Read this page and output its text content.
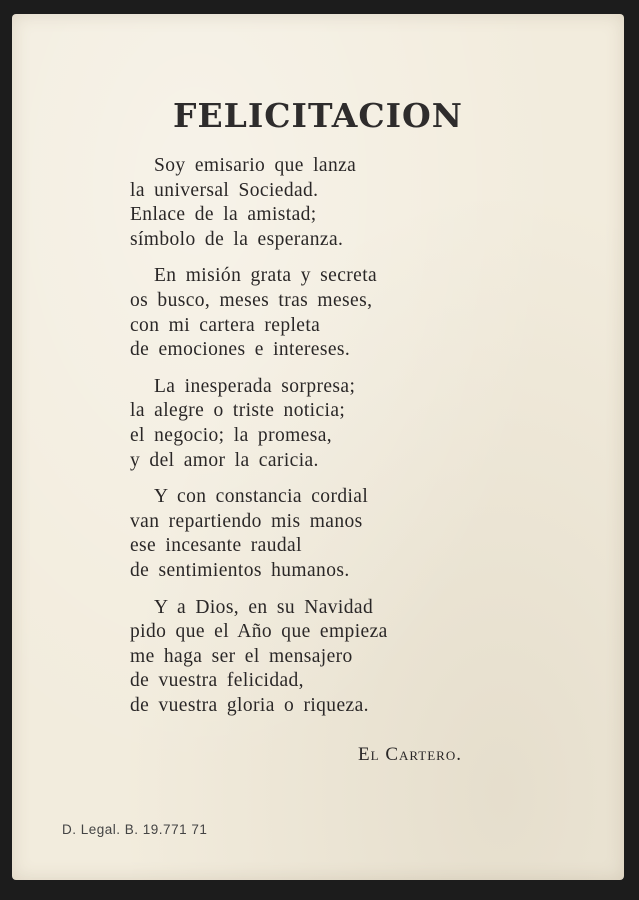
FELICITACION
Soy emisario que lanza
la universal Sociedad.
Enlace de la amistad;
símbolo de la esperanza.
En misión grata y secreta
os busco, meses tras meses,
con mi cartera repleta
de emociones e intereses.
La inesperada sorpresa;
la alegre o triste noticia;
el negocio; la promesa,
y del amor la caricia.
Y con constancia cordial
van repartiendo mis manos
ese incesante raudal
de sentimientos humanos.
Y a Dios, en su Navidad
pido que el Año que empieza
me haga ser el mensajero
de vuestra felicidad,
de vuestra gloria o riqueza.
El Cartero.
D. Legal. B. 19.771 71
